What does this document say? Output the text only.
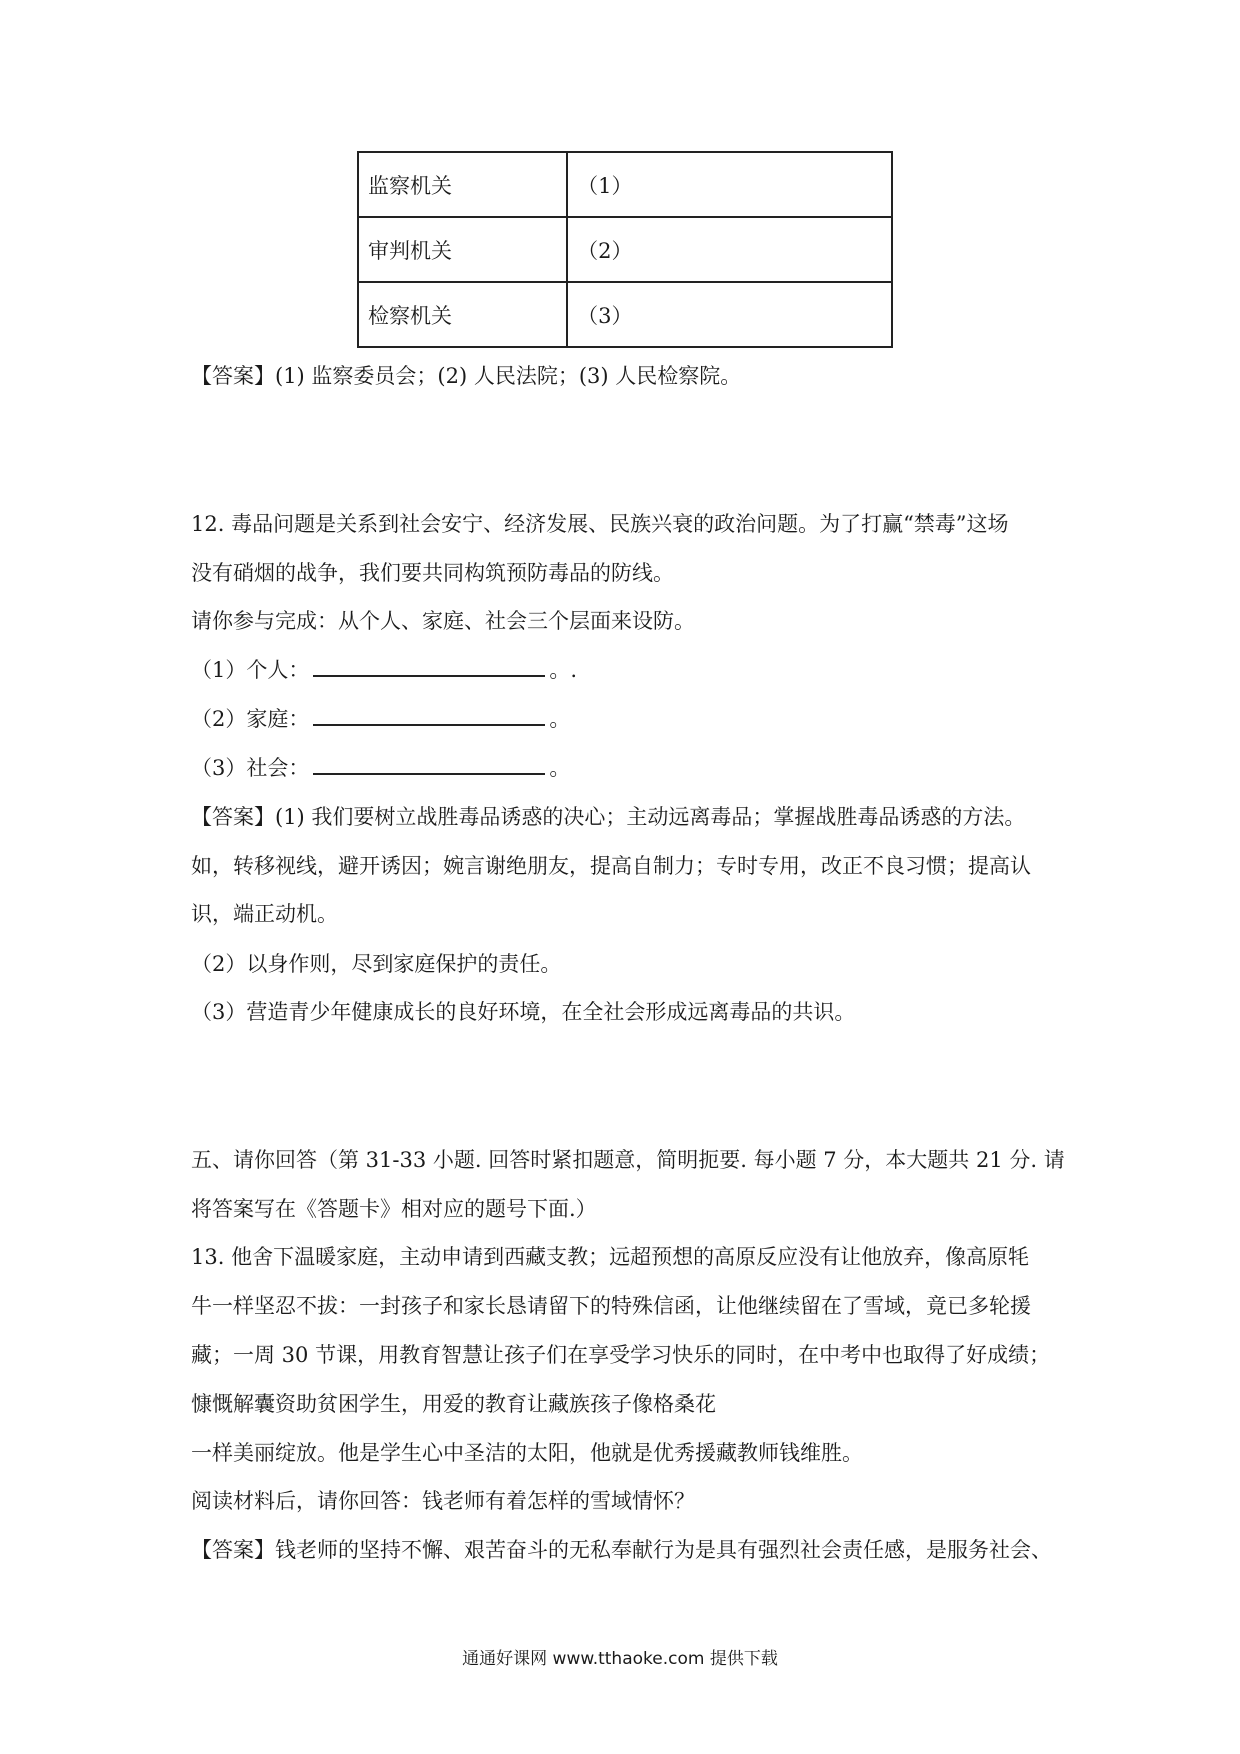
监察机关	（1）
审判机关	（2）
检察机关	（3）
【答案】(1) 监察委员会；(2) 人民法院；(3) 人民检察院。
12. 毒品问题是关系到社会安宁、经济发展、民族兴衰的政治问题。为了打赢“禁毒”这场
没有硝烟的战争，我们要共同构筑预防毒品的防线。
请你参与完成：从个人、家庭、社会三个层面来设防。
（1）个人：	。.
（2）家庭：	。
（3）社会：	。
【答案】(1) 我们要树立战胜毒品诱惑的决心；主动远离毒品；掌握战胜毒品诱惑的方法。
如，转移视线，避开诱因；婉言谢绝朋友，提高自制力；专时专用，改正不良习惯；提高认
识，端正动机。
（2）以身作则，尽到家庭保护的责任。
（3）营造青少年健康成长的良好环境，在全社会形成远离毒品的共识。
五、请你回答（第 31-33 小题. 回答时紧扣题意，简明扼要. 每小题 7 分，本大题共 21 分. 请
将答案写在《答题卡》相对应的题号下面.）
13. 他舍下温暖家庭，主动申请到西藏支教；远超预想的高原反应没有让他放弃，像高原牦
牛一样坚忍不拔：一封孩子和家长恳请留下的特殊信函，让他继续留在了雪域，竟已多轮援
藏；一周 30 节课，用教育智慧让孩子们在享受学习快乐的同时，在中考中也取得了好成绩；
慷慨解囊资助贫困学生，用爱的教育让藏族孩子像格桑花
一样美丽绽放。他是学生心中圣洁的太阳，他就是优秀援藏教师钱维胜。
阅读材料后，请你回答：钱老师有着怎样的雪域情怀？
【答案】钱老师的坚持不懈、艰苦奋斗的无私奉献行为是具有强烈社会责任感，是服务社会、
通通好课网 www.tthaoke.com 提供下载
